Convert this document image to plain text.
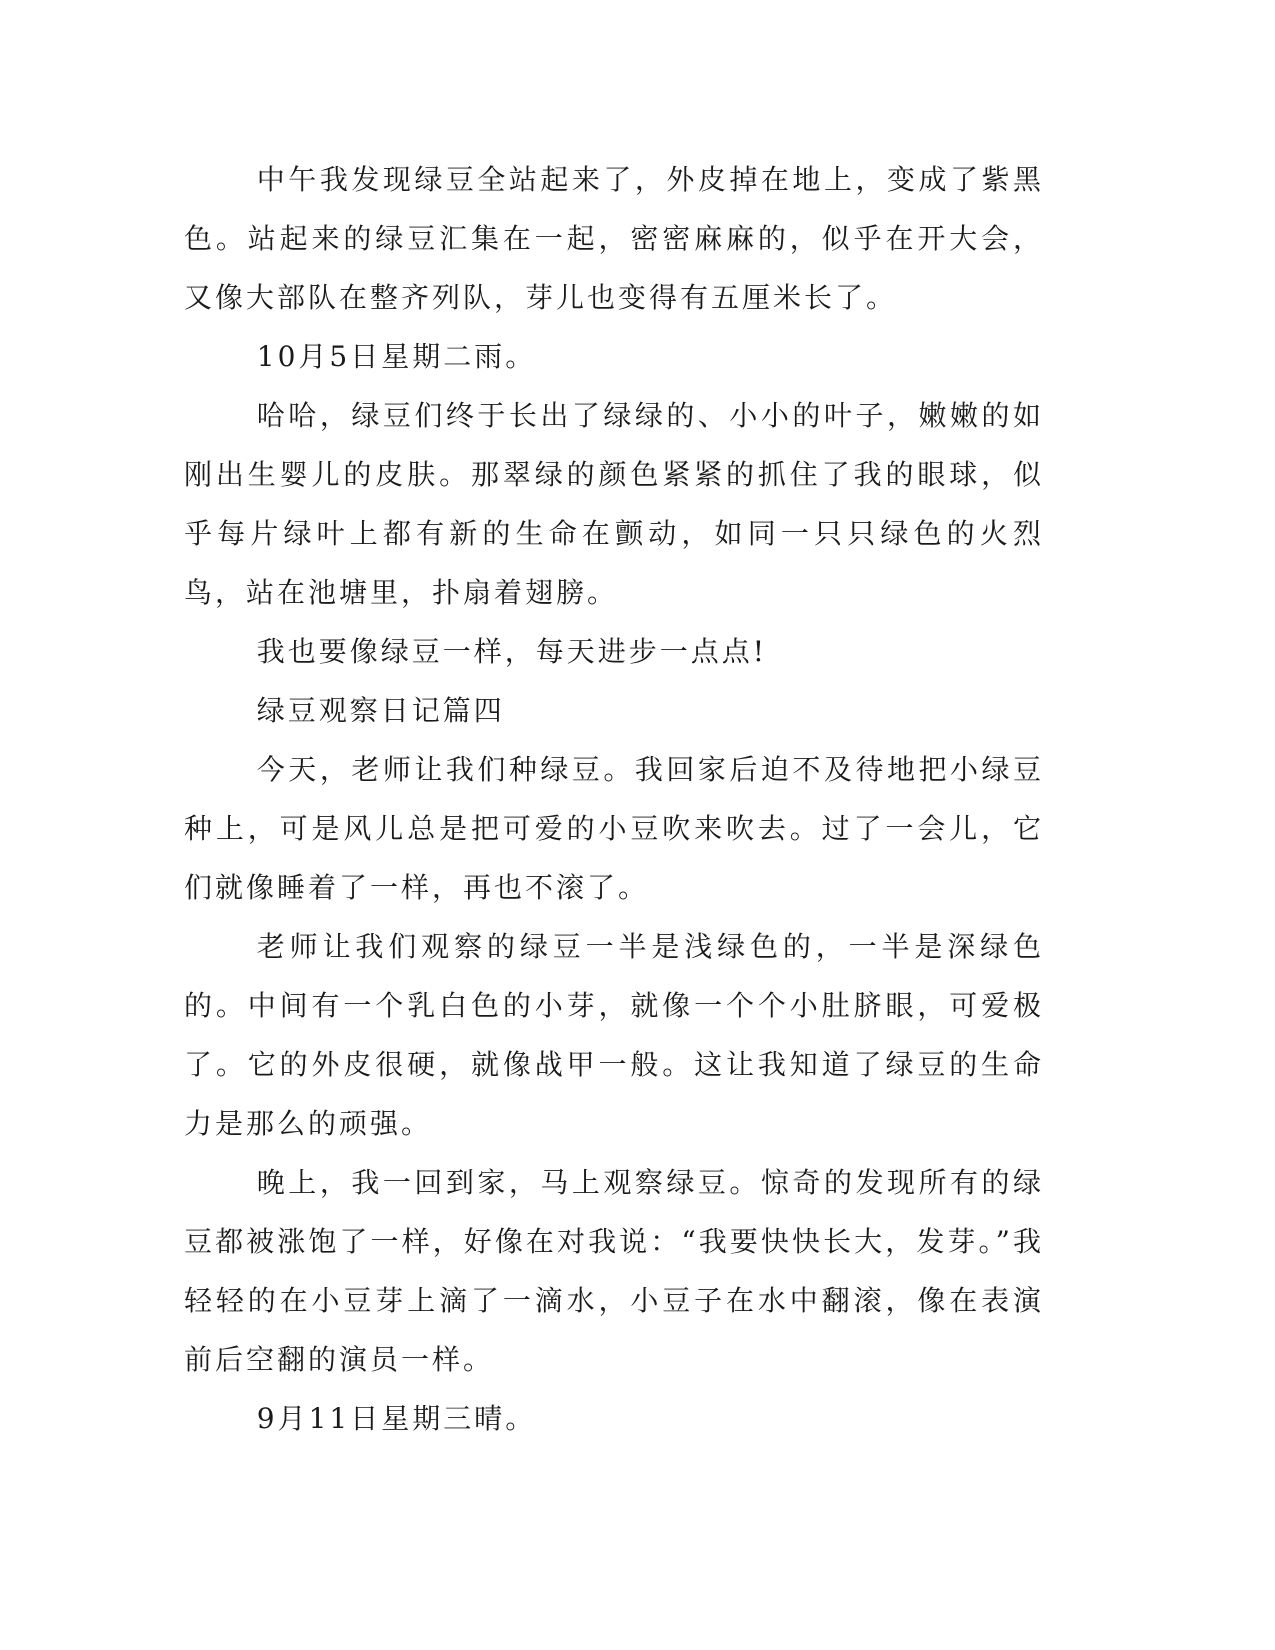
中午我发现绿豆全站起来了，外皮掉在地上，变成了紫黑色。站起来的绿豆汇集在一起，密密麻麻的，似乎在开大会，又像大部队在整齐列队，芽儿也变得有五厘米长了。

10月5日星期二雨。

哈哈，绿豆们终于长出了绿绿的、小小的叶子，嫩嫩的如刚出生婴儿的皮肤。那翠绿的颜色紧紧的抓住了我的眼球，似乎每片绿叶上都有新的生命在颤动，如同一只只绿色的火烈鸟，站在池塘里，扑扇着翅膀。

我也要像绿豆一样，每天进步一点点!

绿豆观察日记篇四

今天，老师让我们种绿豆。我回家后迫不及待地把小绿豆种上，可是风儿总是把可爱的小豆吹来吹去。过了一会儿，它们就像睡着了一样，再也不滚了。

老师让我们观察的绿豆一半是浅绿色的，一半是深绿色的。中间有一个乳白色的小芽，就像一个个小肚脐眼，可爱极了。它的外皮很硬，就像战甲一般。这让我知道了绿豆的生命力是那么的顽强。

晚上，我一回到家，马上观察绿豆。惊奇的发现所有的绿豆都被涨饱了一样，好像在对我说：“我要快快长大，发芽。”我轻轻的在小豆芽上滴了一滴水，小豆子在水中翻滚，像在表演前后空翻的演员一样。

9月11日星期三晴。
